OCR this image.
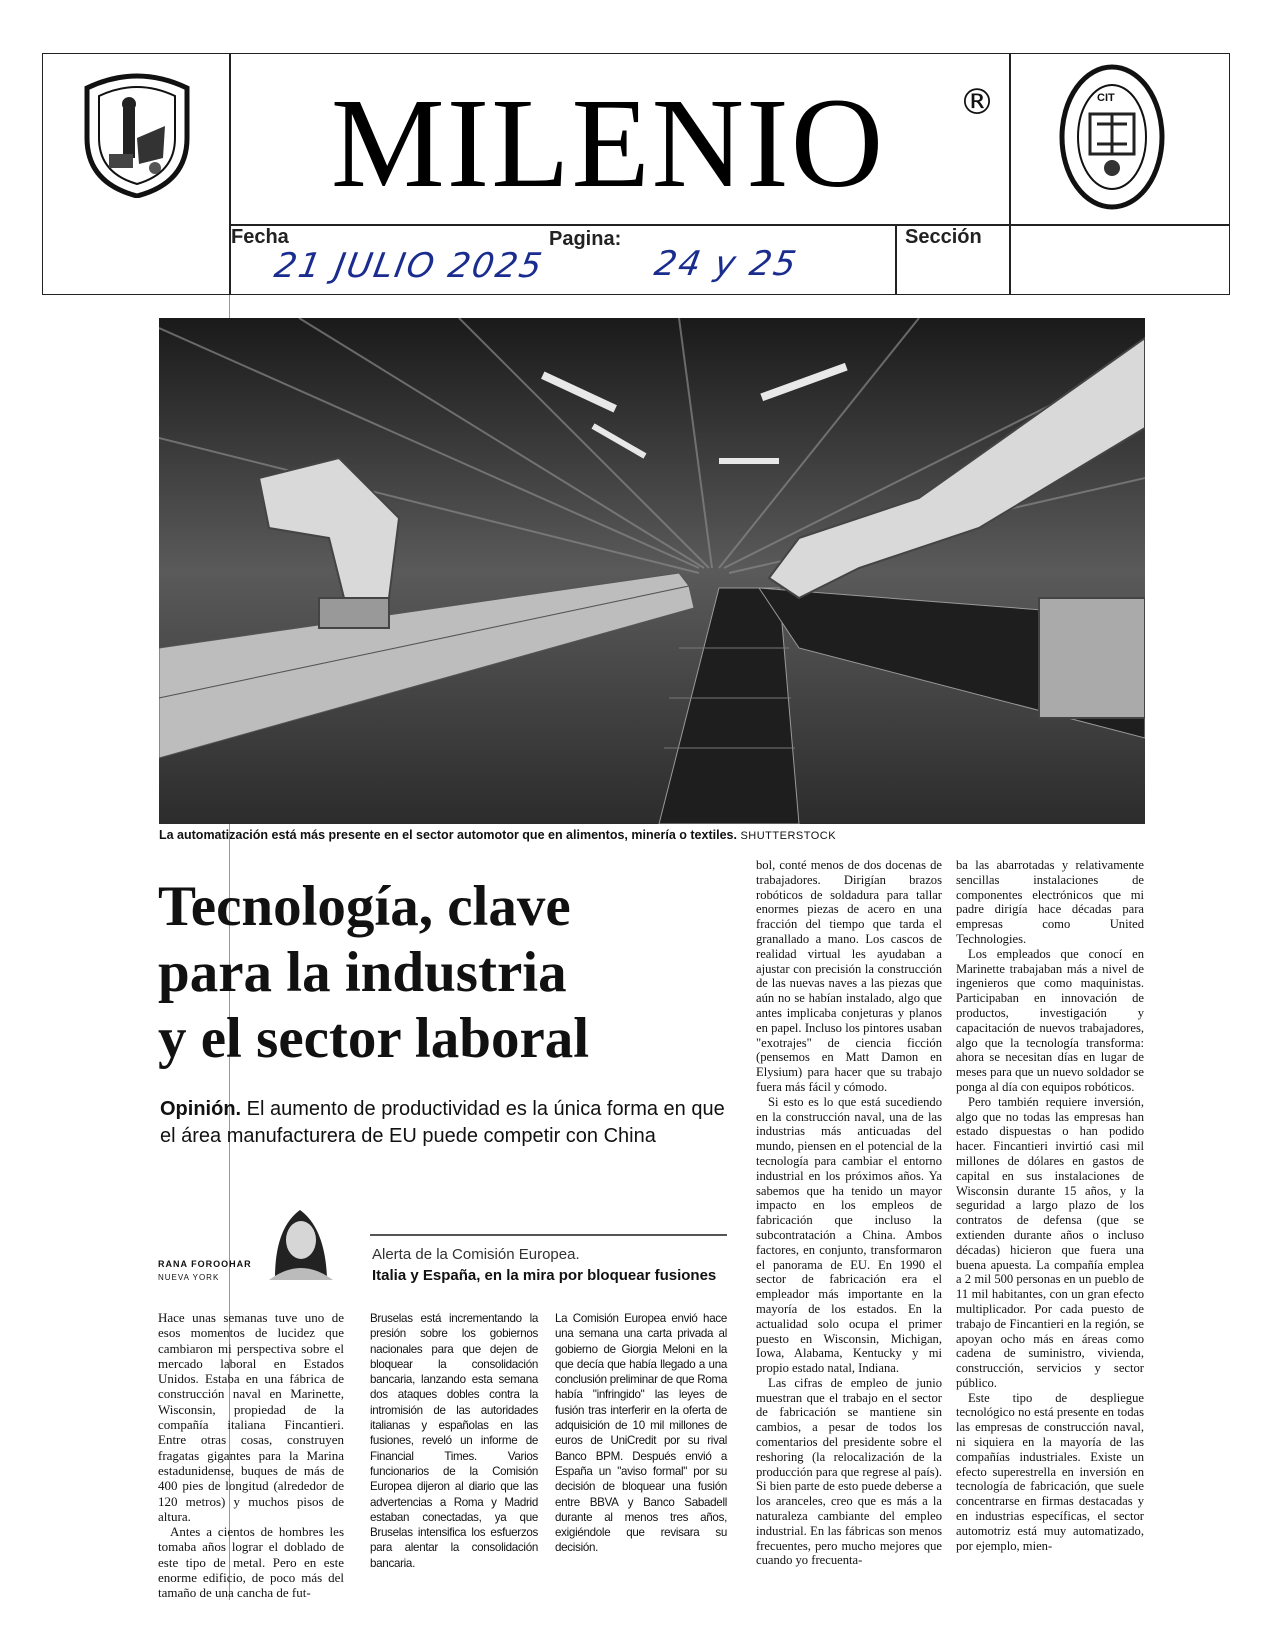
MILENIO	®	CIT
Fecha
21 JULIO 2025
Pagina:
24 y 25
Sección
La automatización está más presente en el sector automotor que en alimentos, minería o textiles. SHUTTERSTOCK
Tecnología, clave
para la industria
y el sector laboral
Opinión. El aumento de productividad es la única forma en que el área manufacturera de EU puede competir con China
RANA FOROOHAR
NUEVA YORK
Alerta de la Comisión Europea.
Italia y España, en la mira por bloquear fusiones

Hace unas semanas tuve uno de esos momentos de lucidez que cambiaron mi perspectiva sobre el mercado laboral en Estados Unidos. Estaba en una fábrica de construcción naval en Marinette, Wisconsin, propiedad de la compañía italiana Fincantieri. Entre otras cosas, construyen fragatas gigantes para la Marina estadunidense, buques de más de 400 pies de longitud (alrededor de 120 metros) y muchos pisos de altura.

Antes a cientos de hombres les tomaba años lograr el doblado de este tipo de metal. Pero en este enorme edificio, de poco más del tamaño de una cancha de fut-

Bruselas está incrementando la presión sobre los gobiernos nacionales para que dejen de bloquear la consolidación bancaria, lanzando esta semana dos ataques dobles contra la intromisión de las autoridades italianas y españolas en las fusiones, reveló un informe de Financial Times. Varios funcionarios de la Comisión Europea dijeron al diario que las advertencias a Roma y Madrid estaban conectadas, ya que Bruselas intensifica los esfuerzos para alentar la consolidación bancaria.

La Comisión Europea envió hace una semana una carta privada al gobierno de Giorgia Meloni en la que decía que había llegado a una conclusión preliminar de que Roma había "infringido" las leyes de fusión tras interferir en la oferta de adquisición de 10 mil millones de euros de UniCredit por su rival Banco BPM. Después envió a España un "aviso formal" por su decisión de bloquear una fusión entre BBVA y Banco Sabadell durante al menos tres años, exigiéndole que revisara su decisión.

bol, conté menos de dos docenas de trabajadores. Dirigían brazos robóticos de soldadura para tallar enormes piezas de acero en una fracción del tiempo que tarda el granallado a mano. Los cascos de realidad virtual les ayudaban a ajustar con precisión la construcción de las nuevas naves a las piezas que aún no se habían instalado, algo que antes implicaba conjeturas y planos en papel. Incluso los pintores usaban "exotrajes" de ciencia ficción (pensemos en Matt Damon en Elysium) para hacer que su trabajo fuera más fácil y cómodo.

Si esto es lo que está sucediendo en la construcción naval, una de las industrias más anticuadas del mundo, piensen en el potencial de la tecnología para cambiar el entorno industrial en los próximos años. Ya sabemos que ha tenido un mayor impacto en los empleos de fabricación que incluso la subcontratación a China. Ambos factores, en conjunto, transformaron el panorama de EU. En 1990 el sector de fabricación era el empleador más importante en la mayoría de los estados. En la actualidad solo ocupa el primer puesto en Wisconsin, Michigan, Iowa, Alabama, Kentucky y mi propio estado natal, Indiana.

Las cifras de empleo de junio muestran que el trabajo en el sector de fabricación se mantiene sin cambios, a pesar de todos los comentarios del presidente sobre el reshoring (la relocalización de la producción para que regrese al país). Si bien parte de esto puede deberse a los aranceles, creo que es más a la naturaleza cambiante del empleo industrial. En las fábricas son menos frecuentes, pero mucho mejores que cuando yo frecuenta-

ba las abarrotadas y relativamente sencillas instalaciones de componentes electrónicos que mi padre dirigía hace décadas para empresas como United Technologies.

Los empleados que conocí en Marinette trabajaban más a nivel de ingenieros que como maquinistas. Participaban en innovación de productos, investigación y capacitación de nuevos trabajadores, algo que la tecnología transforma: ahora se necesitan días en lugar de meses para que un nuevo soldador se ponga al día con equipos robóticos.

Pero también requiere inversión, algo que no todas las empresas han estado dispuestas o han podido hacer. Fincantieri invirtió casi mil millones de dólares en gastos de capital en sus instalaciones de Wisconsin durante 15 años, y la seguridad a largo plazo de los contratos de defensa (que se extienden durante años o incluso décadas) hicieron que fuera una buena apuesta. La compañía emplea a 2 mil 500 personas en un pueblo de 11 mil habitantes, con un gran efecto multiplicador. Por cada puesto de trabajo de Fincantieri en la región, se apoyan ocho más en áreas como cadena de suministro, vivienda, construcción, servicios y sector público.

Este tipo de despliegue tecnológico no está presente en todas las empresas de construcción naval, ni siquiera en la mayoría de las compañías industriales. Existe un efecto superestrella en inversión en tecnología de fabricación, que suele concentrarse en firmas destacadas y en industrias específicas, el sector automotriz está muy automatizado, por ejemplo, mien-
